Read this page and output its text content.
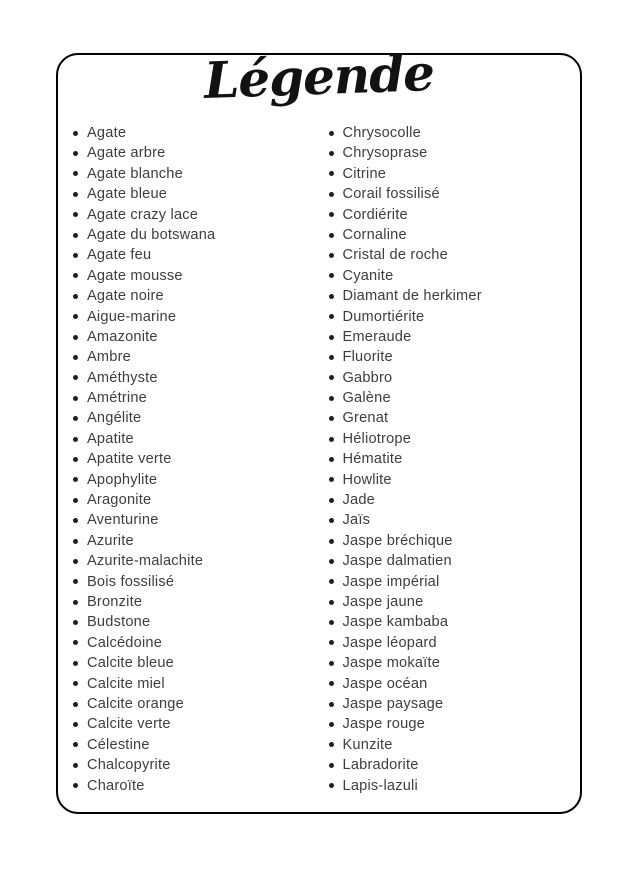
Légende
Agate
Agate arbre
Agate blanche
Agate bleue
Agate crazy lace
Agate du botswana
Agate feu
Agate mousse
Agate noire
Aigue-marine
Amazonite
Ambre
Améthyste
Amétrine
Angélite
Apatite
Apatite verte
Apophylite
Aragonite
Aventurine
Azurite
Azurite-malachite
Bois fossilisé
Bronzite
Budstone
Calcédoine
Calcite bleue
Calcite miel
Calcite orange
Calcite verte
Célestine
Chalcopyrite
Charoïte
Chrysocolle
Chrysoprase
Citrine
Corail fossilisé
Cordiérite
Cornaline
Cristal de roche
Cyanite
Diamant de herkimer
Dumortiérite
Emeraude
Fluorite
Gabbro
Galène
Grenat
Héliotrope
Hématite
Howlite
Jade
Jaïs
Jaspe bréchique
Jaspe dalmatien
Jaspe impérial
Jaspe jaune
Jaspe kambaba
Jaspe léopard
Jaspe mokaïte
Jaspe océan
Jaspe paysage
Jaspe rouge
Kunzite
Labradorite
Lapis-lazuli
